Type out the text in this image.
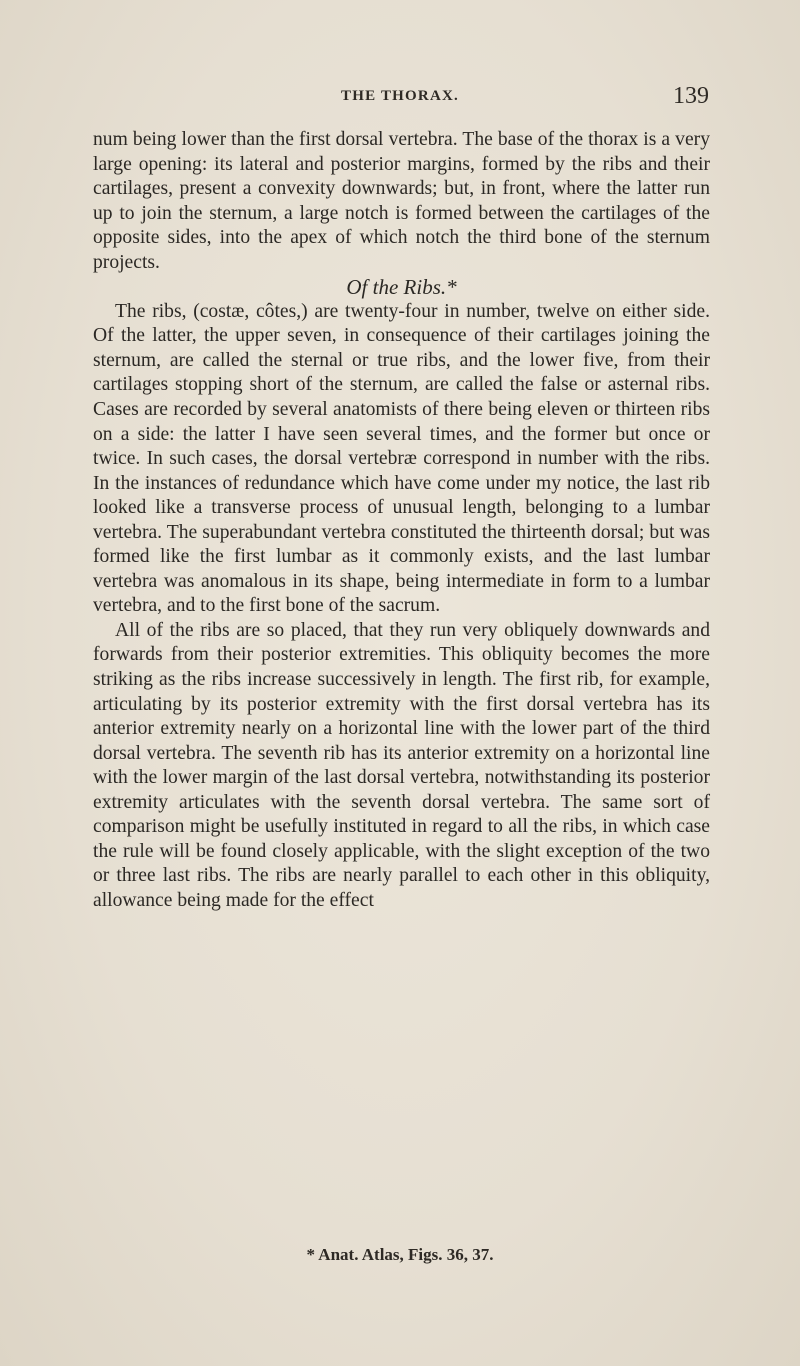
THE THORAX.	139

num being lower than the first dorsal vertebra. The base of the thorax is a very large opening: its lateral and posterior margins, formed by the ribs and their cartilages, present a convexity downwards; but, in front, where the latter run up to join the sternum, a large notch is formed between the cartilages of the opposite sides, into the apex of which notch the third bone of the sternum projects.

Of the Ribs.*

The ribs, (costæ, côtes,) are twenty-four in number, twelve on either side. Of the latter, the upper seven, in consequence of their cartilages joining the sternum, are called the sternal or true ribs, and the lower five, from their cartilages stopping short of the sternum, are called the false or asternal ribs. Cases are recorded by several anatomists of there being eleven or thirteen ribs on a side: the latter I have seen several times, and the former but once or twice. In such cases, the dorsal vertebræ correspond in number with the ribs. In the instances of redundance which have come under my notice, the last rib looked like a transverse process of unusual length, belonging to a lumbar vertebra. The superabundant vertebra constituted the thirteenth dorsal; but was formed like the first lumbar as it commonly exists, and the last lumbar vertebra was anomalous in its shape, being intermediate in form to a lumbar vertebra, and to the first bone of the sacrum.

All of the ribs are so placed, that they run very obliquely downwards and forwards from their posterior extremities. This obliquity becomes the more striking as the ribs increase successively in length. The first rib, for example, articulating by its posterior extremity with the first dorsal vertebra has its anterior extremity nearly on a horizontal line with the lower part of the third dorsal vertebra. The seventh rib has its anterior extremity on a horizontal line with the lower margin of the last dorsal vertebra, notwithstanding its posterior extremity articulates with the seventh dorsal vertebra. The same sort of comparison might be usefully instituted in regard to all the ribs, in which case the rule will be found closely applicable, with the slight exception of the two or three last ribs. The ribs are nearly parallel to each other in this obliquity, allowance being made for the effect

* Anat. Atlas, Figs. 36, 37.
